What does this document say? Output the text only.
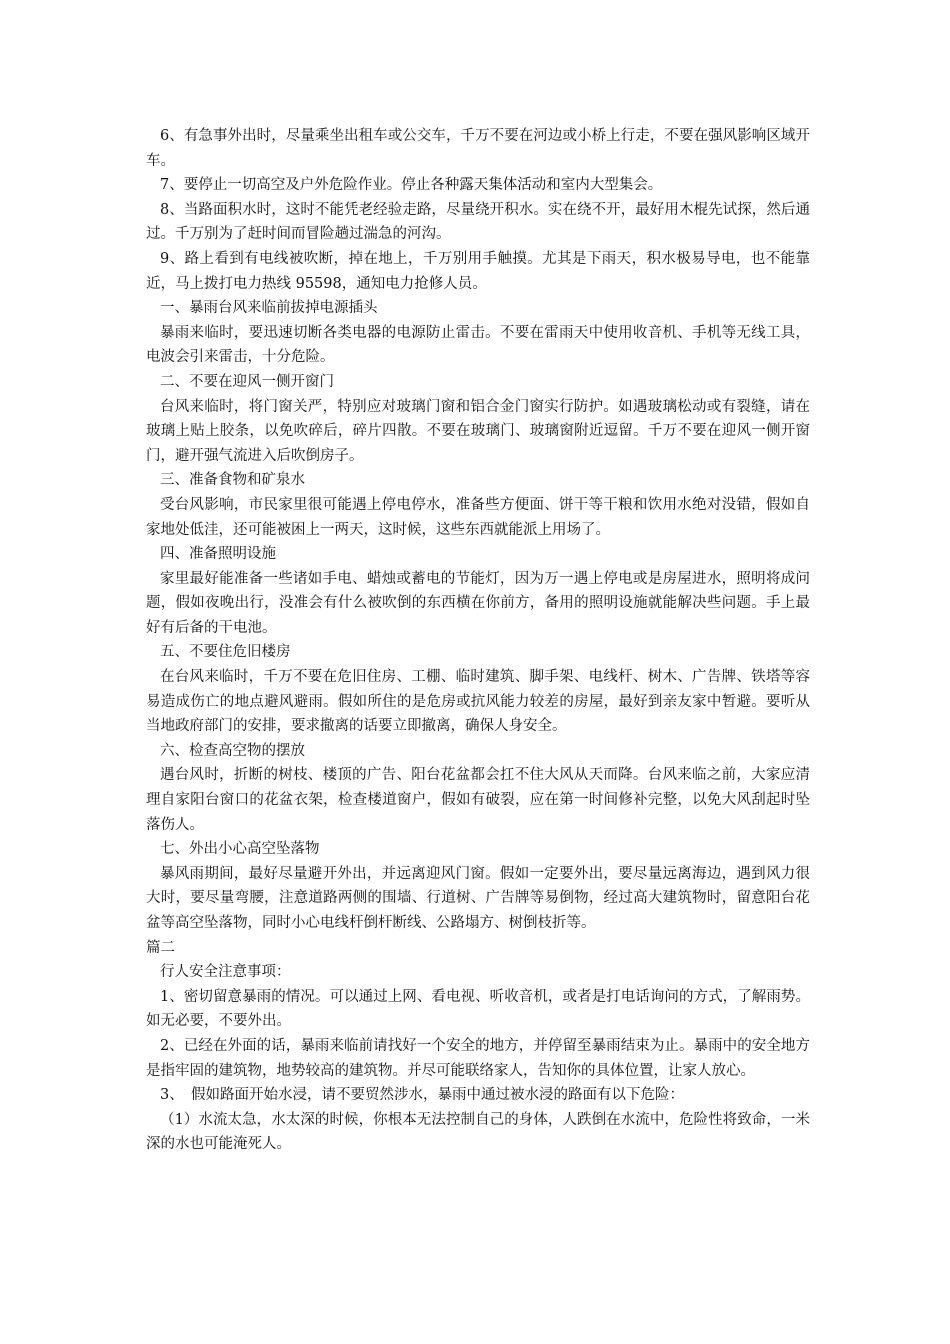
6、有急事外出时，尽量乘坐出租车或公交车，千万不要在河边或小桥上行走，不要在强风影响区域开车。

7、要停止一切高空及户外危险作业。停止各种露天集体活动和室内大型集会。

8、当路面积水时，这时不能凭老经验走路，尽量绕开积水。实在绕不开，最好用木棍先试探，然后通过。千万别为了赶时间而冒险趟过湍急的河沟。

9、路上看到有电线被吹断，掉在地上，千万别用手触摸。尤其是下雨天，积水极易导电，也不能靠近，马上拨打电力热线 95598，通知电力抢修人员。

一、暴雨台风来临前拔掉电源插头

暴雨来临时，要迅速切断各类电器的电源防止雷击。不要在雷雨天中使用收音机、手机等无线工具，电波会引来雷击，十分危险。

二、不要在迎风一侧开窗门

台风来临时，将门窗关严，特别应对玻璃门窗和铝合金门窗实行防护。如遇玻璃松动或有裂缝，请在玻璃上贴上胶条，以免吹碎后，碎片四散。不要在玻璃门、玻璃窗附近逗留。千万不要在迎风一侧开窗门，避开强气流进入后吹倒房子。

三、准备食物和矿泉水

受台风影响，市民家里很可能遇上停电停水，准备些方便面、饼干等干粮和饮用水绝对没错，假如自家地处低洼，还可能被困上一两天，这时候，这些东西就能派上用场了。

四、准备照明设施

家里最好能准备一些诸如手电、蜡烛或蓄电的节能灯，因为万一遇上停电或是房屋进水，照明将成问题，假如夜晚出行，没准会有什么被吹倒的东西横在你前方，备用的照明设施就能解决些问题。手上最好有后备的干电池。

五、不要住危旧楼房

在台风来临时，千万不要在危旧住房、工棚、临时建筑、脚手架、电线杆、树木、广告牌、铁塔等容易造成伤亡的地点避风避雨。假如所住的是危房或抗风能力较差的房屋，最好到亲友家中暂避。要听从当地政府部门的安排，要求撤离的话要立即撤离，确保人身安全。

六、检查高空物的摆放

遇台风时，折断的树枝、楼顶的广告、阳台花盆都会扛不住大风从天而降。台风来临之前，大家应清理自家阳台窗口的花盆衣架，检查楼道窗户，假如有破裂，应在第一时间修补完整，以免大风刮起时坠落伤人。

七、外出小心高空坠落物

暴风雨期间，最好尽量避开外出，并远离迎风门窗。假如一定要外出，要尽量远离海边，遇到风力很大时，要尽量弯腰，注意道路两侧的围墙、行道树、广告牌等易倒物，经过高大建筑物时，留意阳台花盆等高空坠落物，同时小心电线杆倒杆断线、公路塌方、树倒枝折等。

篇二

行人安全注意事项：

1、密切留意暴雨的情况。可以通过上网、看电视、听收音机，或者是打电话询问的方式，了解雨势。如无必要，不要外出。

2、已经在外面的话，暴雨来临前请找好一个安全的地方，并停留至暴雨结束为止。暴雨中的安全地方是指牢固的建筑物，地势较高的建筑物。并尽可能联络家人，告知你的具体位置，让家人放心。

3、　假如路面开始水浸，请不要贸然涉水，暴雨中通过被水浸的路面有以下危险：

（1）水流太急，水太深的时候，你根本无法控制自己的身体，人跌倒在水流中，危险性将致命，一米深的水也可能淹死人。
